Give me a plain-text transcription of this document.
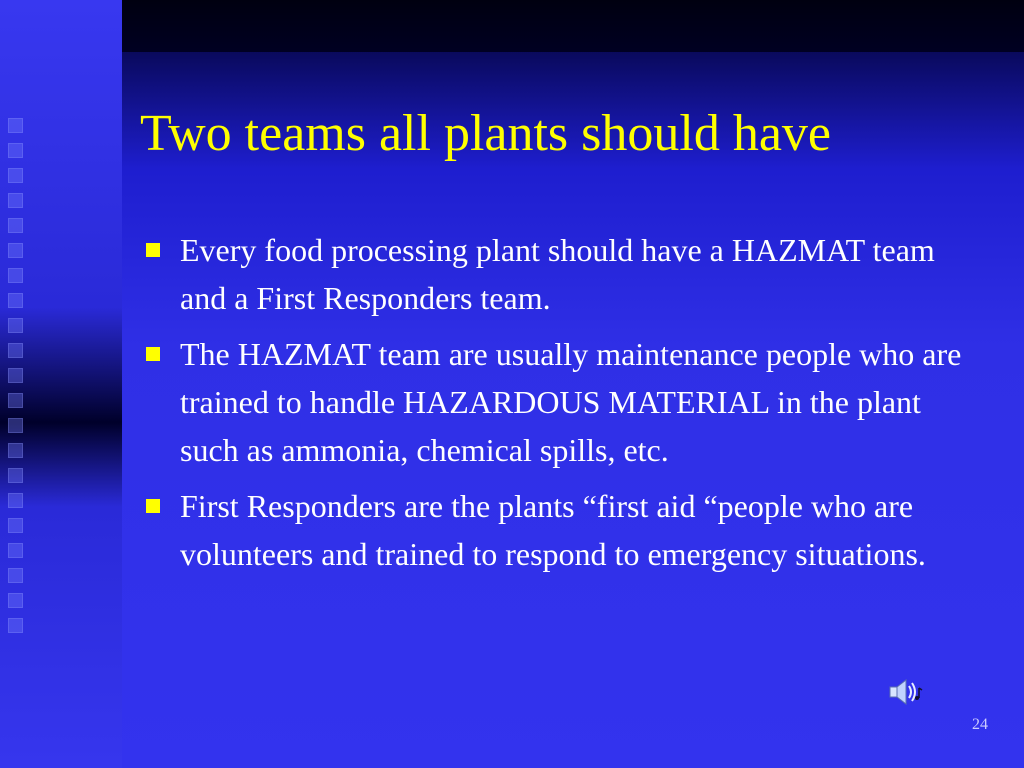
Two teams all plants should have
Every food processing plant should have a HAZMAT team and a First Responders team.
The HAZMAT team are usually maintenance people who are trained to handle HAZARDOUS MATERIAL in the plant such as ammonia, chemical spills, etc.
First Responders are the plants “first aid “people who are volunteers and trained to respond to emergency situations.
24
